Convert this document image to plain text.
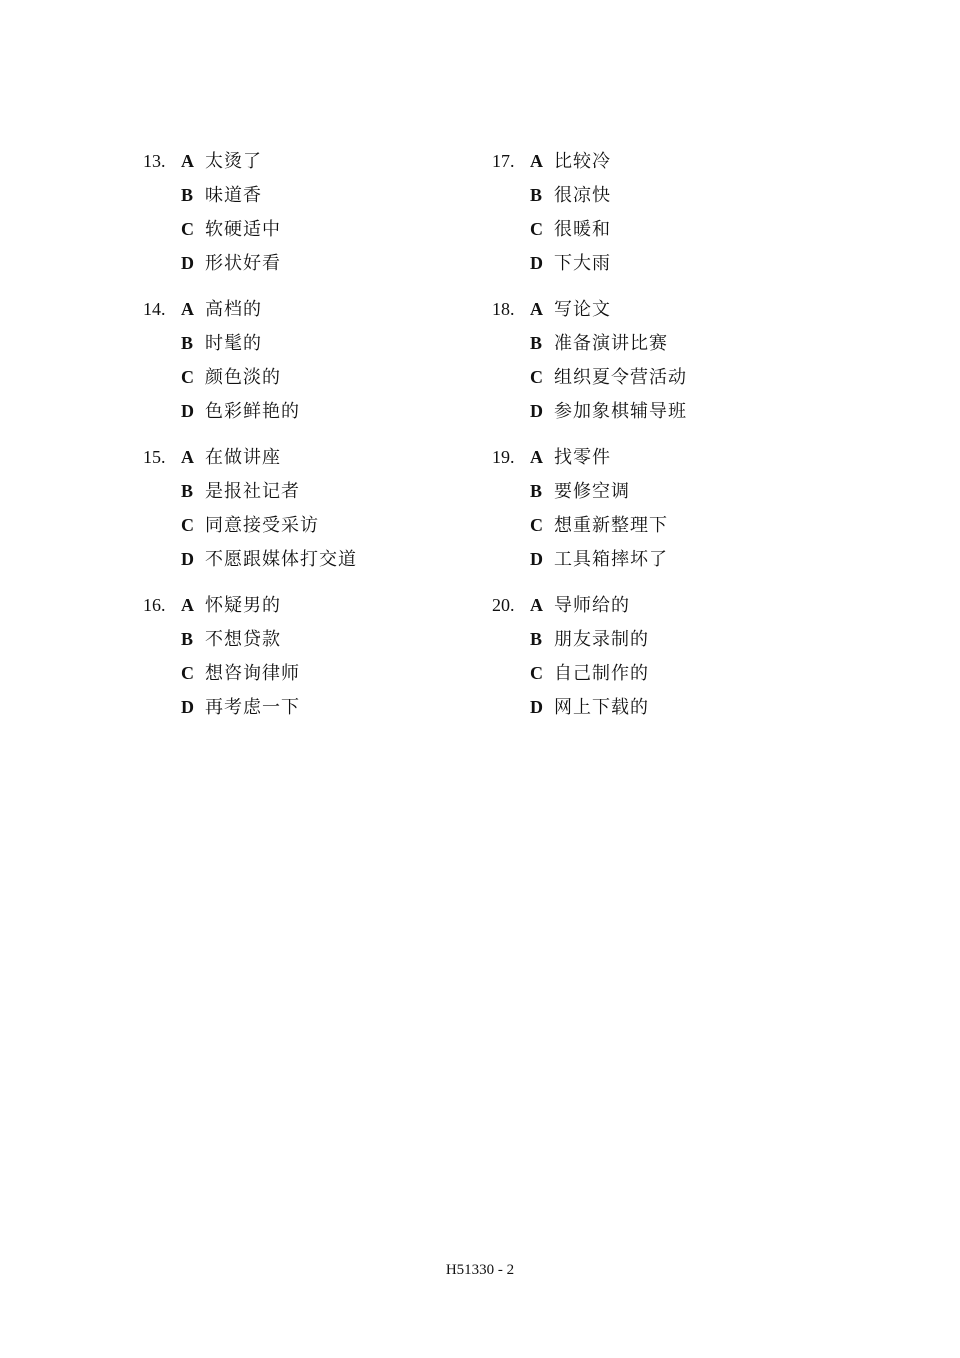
13. A 太烫了
B 味道香
C 软硬适中
D 形状好看
14. A 高档的
B 时髦的
C 颜色淡的
D 色彩鲜艳的
15. A 在做讲座
B 是报社记者
C 同意接受采访
D 不愿跟媒体打交道
16. A 怀疑男的
B 不想贷款
C 想咨询律师
D 再考虑一下
17. A 比较冷
B 很凉快
C 很暖和
D 下大雨
18. A 写论文
B 准备演讲比赛
C 组织夏令营活动
D 参加象棋辅导班
19. A 找零件
B 要修空调
C 想重新整理下
D 工具箱摔坏了
20. A 导师给的
B 朋友录制的
C 自己制作的
D 网上下载的
H51330 - 2
